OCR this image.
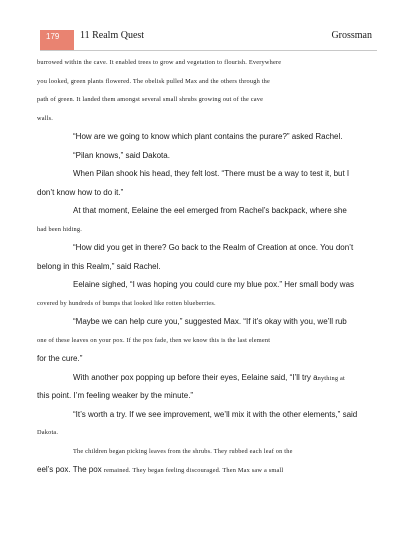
179	11 Realm Quest	Grossman
burrowed within the cave. It enabled trees to grow and vegetation to flourish. Everywhere
you looked, green plants flowered. The obelisk pulled Max and the others through the
path of green. It landed them amongst several small shrubs growing out of the cave
walls.
“How are we going to know which plant contains the purare?” asked Rachel.
“Pilan knows,” said Dakota.
When Pilan shook his head, they felt lost. “There must be a way to test it, but I
don’t know how to do it.”
At that moment, Eelaine the eel emerged from Rachel’s backpack, where she
had been hiding.
“How did you get in there? Go back to the Realm of Creation at once. You don’t
belong in this Realm,” said Rachel.
Eelaine sighed, “I was hoping you could cure my blue pox.” Her small body was
covered by hundreds of bumps that looked like rotten blueberries.
“Maybe we can help cure you,” suggested Max. “If it’s okay with you, we’ll rub
one of these leaves on your pox. If the pox fade, then we know this is the last element
for the cure.”
With another pox popping up before their eyes, Eelaine said, “I’ll try anything at
this point. I’m feeling weaker by the minute.”
“It’s worth a try. If we see improvement, we’ll mix it with the other elements,” said
Dakota.
The children began picking leaves from the shrubs. They rubbed each leaf on the
eel’s pox. The pox remained. They began feeling discouraged. Then Max saw a small
